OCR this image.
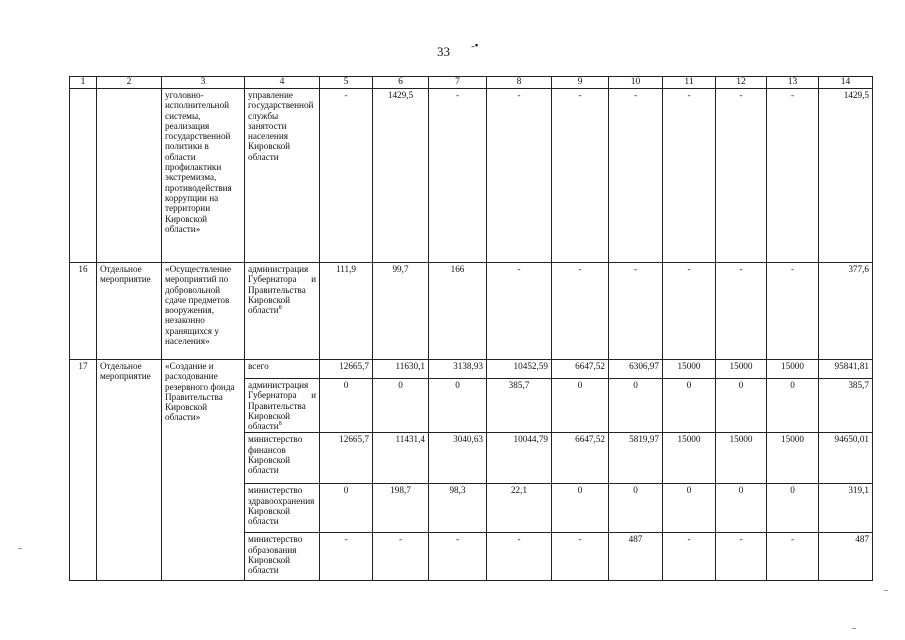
33 -•
1	2	3	4	5	6	7	8	9	10	11	12	13	14
		уголовно-исполнительной системы, реализация государственной политики в области профилактики экстремизма, противодействия коррупции на территории Кировской области»	управление государственной службы занятости населения Кировской области	-	1429,5	-	-	-	-	-	-	-	1429,5
16	Отдельное мероприятие	«Осуществление мероприятий по добровольной сдаче предметов вооружения, незаконно хранящихся у населения»	администрация Губернатора и Правительства Кировской области$^8$	111,9	99,7	166	-	-	-	-	-	-	377,6
17	Отдельное мероприятие	«Создание и расходование резервного фонда Правительства Кировской области»	всего	12665,7	11630,1	3138,93	10452,59	6647,52	6306,97	15000	15000	15000	95841,81
			администрация Губернатора и Правительства Кировской области$^8$	0	0	0	385,7	0	0	0	0	0	385,7
			министерство финансов Кировской области	12665,7	11431,4	3040,63	10044,79	6647,52	5819,97	15000	15000	15000	94650,01
			министерство здравоохранения Кировской области	0	198,7	98,3	22,1	0	0	0	0	0	319,1
			министерство образования Кировской области	-	-	-	-	-	487	-	-	-	487
